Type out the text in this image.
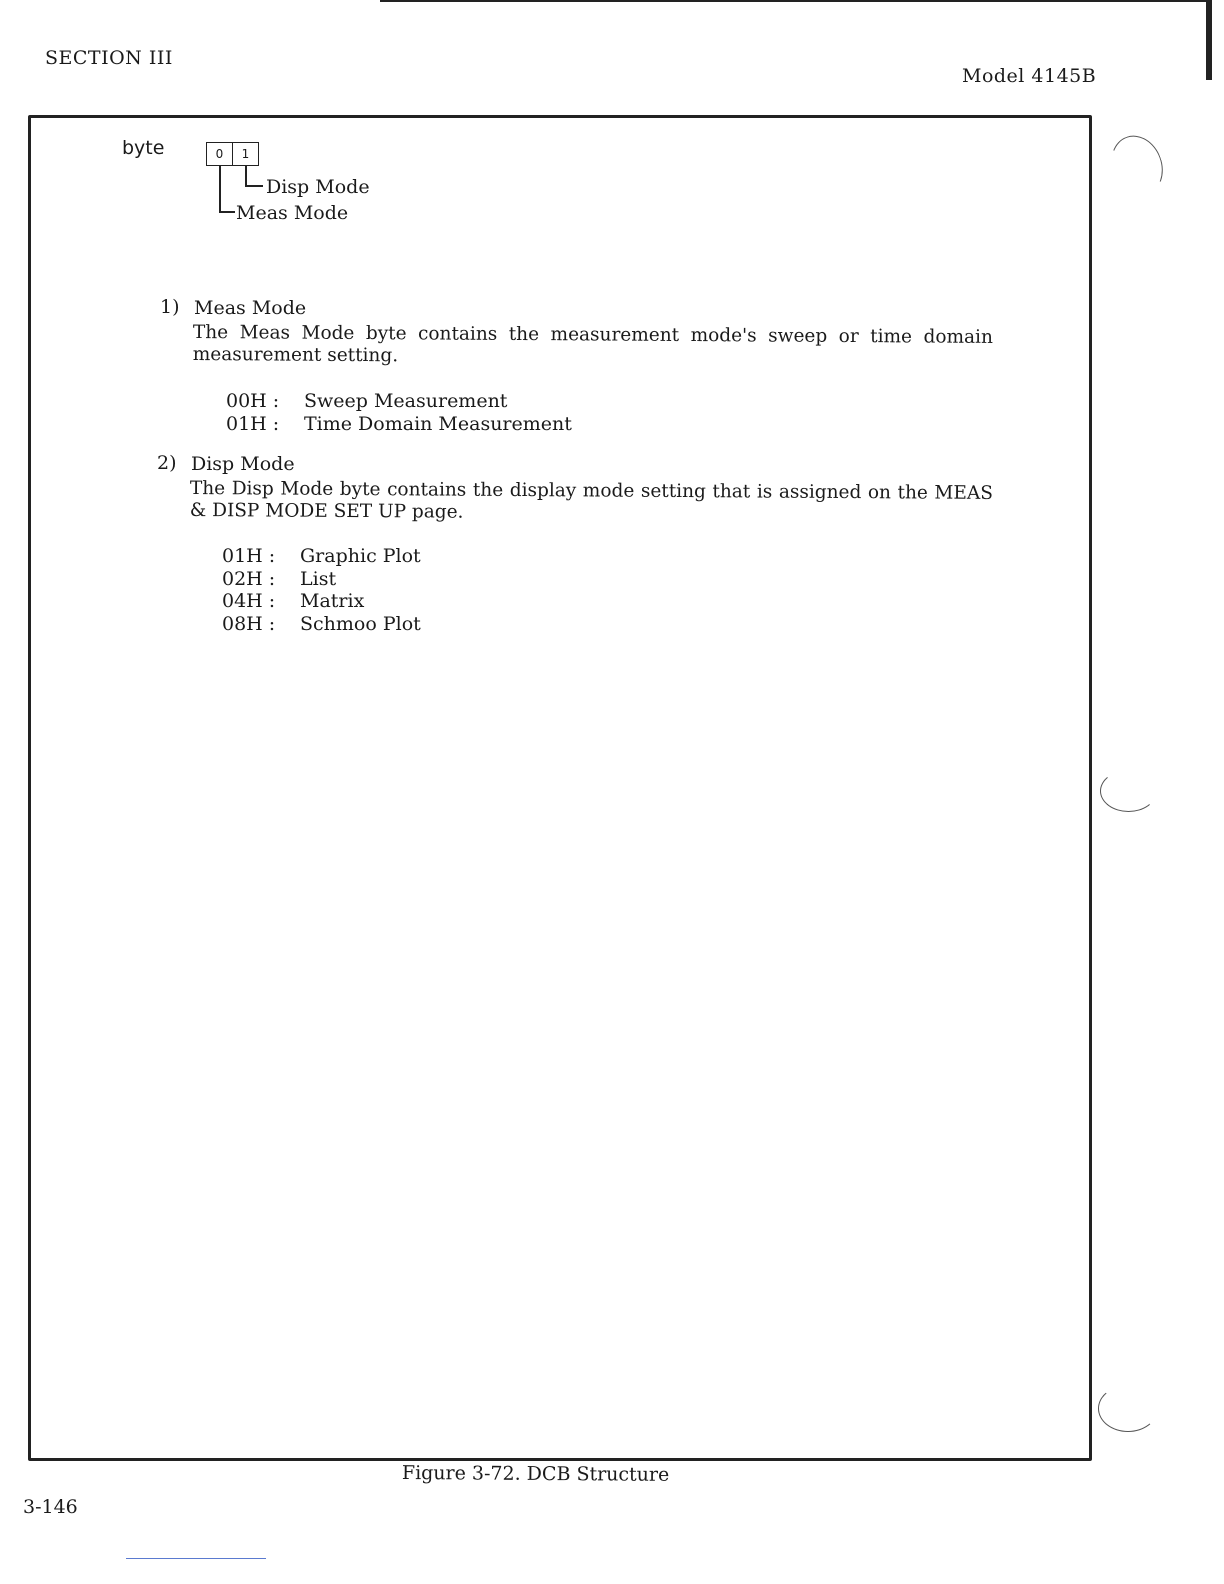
SECTION III
Model 4145B
byte	0	1
Disp Mode
Meas Mode
1) Meas Mode
The Meas Mode byte contains the measurement mode's sweep or time domain measurement setting.
00H :	Sweep Measurement
01H :	Time Domain Measurement
2) Disp Mode
The Disp Mode byte contains the display mode setting that is assigned on the MEAS & DISP MODE SET UP page.
01H :	Graphic Plot
02H :	List
04H :	Matrix
08H :	Schmoo Plot
Figure 3-72. DCB Structure
3-146
